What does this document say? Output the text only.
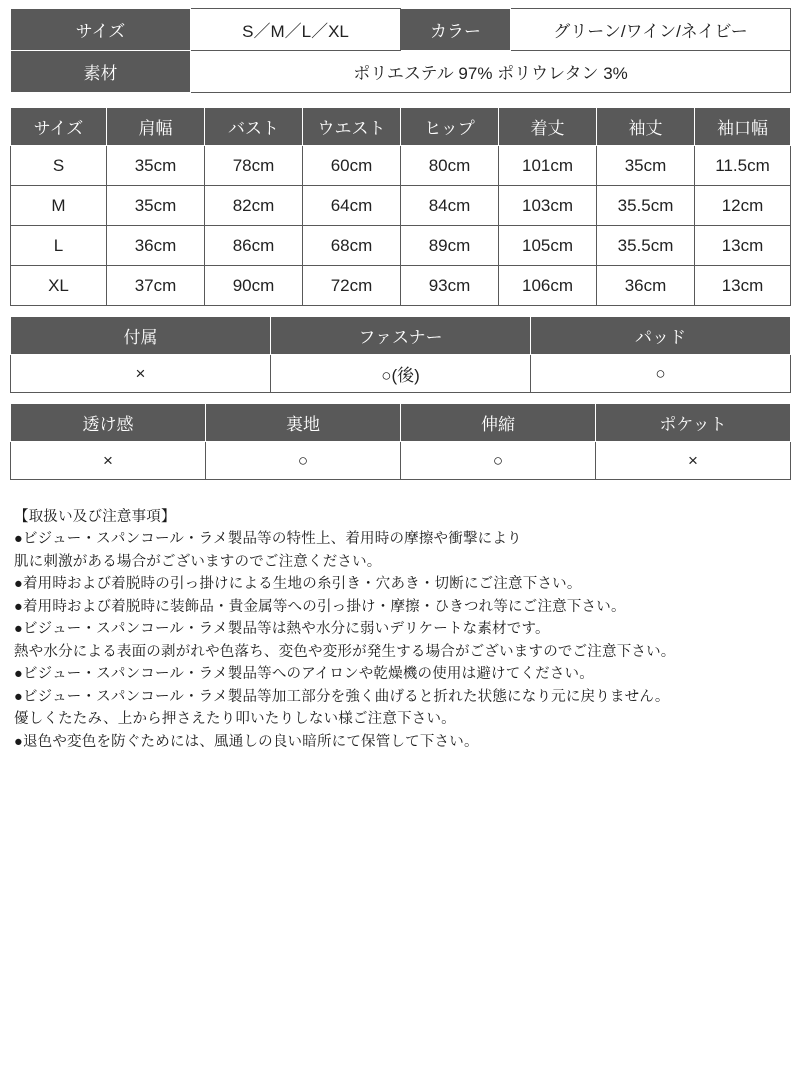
サイズ	S／M／L／XL	カラー	グリーン/ワイン/ネイビー
素材	ポリエステル 97% ポリウレタン 3%		
サイズ	肩幅	バスト	ウエスト	ヒップ	着丈	袖丈	袖口幅
S	35cm	78cm	60cm	80cm	101cm	35cm	11.5cm
M	35cm	82cm	64cm	84cm	103cm	35.5cm	12cm
L	36cm	86cm	68cm	89cm	105cm	35.5cm	13cm
XL	37cm	90cm	72cm	93cm	106cm	36cm	13cm
付属	ファスナー	パッド
×	○(後)	○
透け感	裏地	伸縮	ポケット
×	○	○	×
【取扱い及び注意事項】
●ビジュー・スパンコール・ラメ製品等の特性上、着用時の摩擦や衝撃により
肌に刺激がある場合がございますのでご注意ください。
●着用時および着脱時の引っ掛けによる生地の糸引き・穴あき・切断にご注意下さい。
●着用時および着脱時に装飾品・貴金属等への引っ掛け・摩擦・ひきつれ等にご注意下さい。
●ビジュー・スパンコール・ラメ製品等は熱や水分に弱いデリケートな素材です。
熱や水分による表面の剥がれや色落ち、変色や変形が発生する場合がございますのでご注意下さい。
●ビジュー・スパンコール・ラメ製品等へのアイロンや乾燥機の使用は避けてください。
●ビジュー・スパンコール・ラメ製品等加工部分を強く曲げると折れた状態になり元に戻りません。
優しくたたみ、上から押さえたり叩いたりしない様ご注意下さい。
●退色や変色を防ぐためには、風通しの良い暗所にて保管して下さい。
